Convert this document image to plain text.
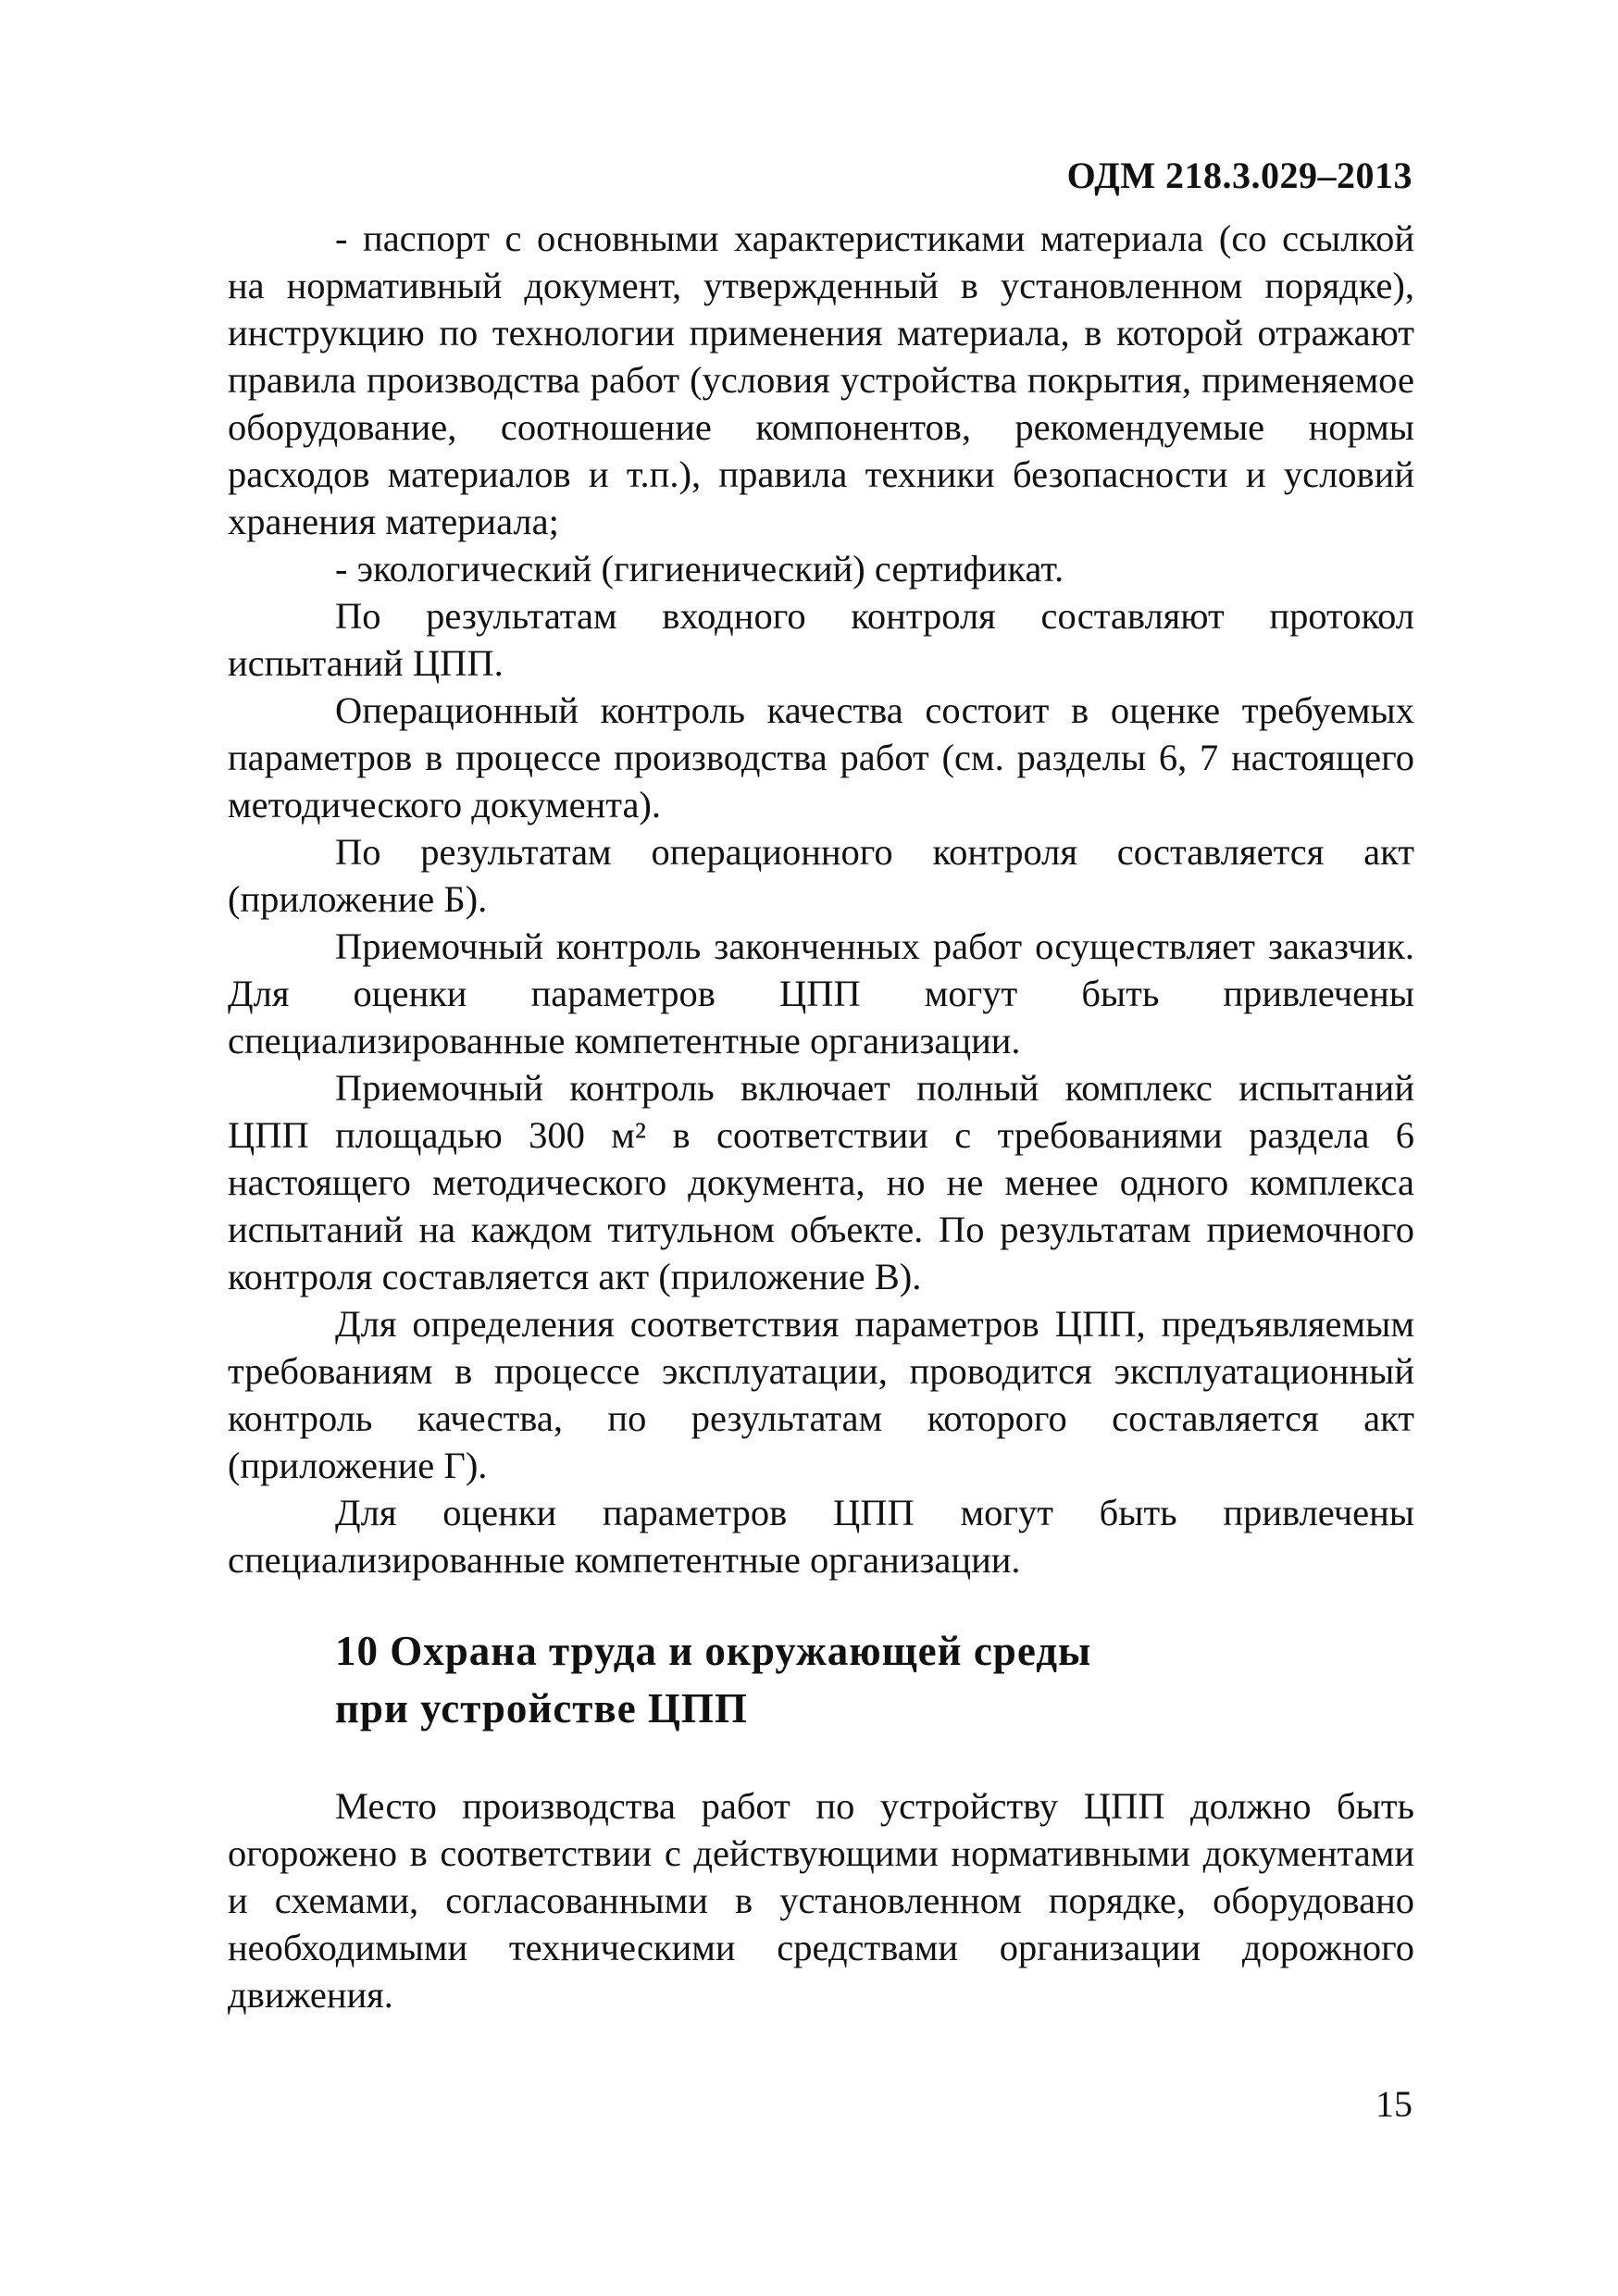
ОДМ 218.3.029–2013

- паспорт с основными характеристиками материала (со ссылкой на нормативный документ, утвержденный в установленном порядке), инструкцию по технологии применения материала, в которой отражают правила производства работ (условия устройства покрытия, применяемое оборудование, соотношение компонентов, рекомендуемые нормы расходов материалов и т.п.), правила техники безопасности и условий хранения материала;

- экологический (гигиенический) сертификат.

По результатам входного контроля составляют протокол испытаний ЦПП.

Операционный контроль качества состоит в оценке требуемых параметров в процессе производства работ (см. разделы 6, 7 настоящего методического документа).

По результатам операционного контроля составляется акт (приложение Б).

Приемочный контроль законченных работ осуществляет заказчик. Для оценки параметров ЦПП могут быть привлечены специализированные компетентные организации.

Приемочный контроль включает полный комплекс испытаний ЦПП площадью 300 м² в соответствии с требованиями раздела 6 настоящего методического документа, но не менее одного комплекса испытаний на каждом титульном объекте. По результатам приемочного контроля составляется акт (приложение В).

Для определения соответствия параметров ЦПП, предъявляемым требованиям в процессе эксплуатации, проводится эксплуатационный контроль качества, по результатам которого составляется акт (приложение Г).

Для оценки параметров ЦПП могут быть привлечены специализированные компетентные организации.

10 Охрана труда и окружающей среды
при устройстве ЦПП

Место производства работ по устройству ЦПП должно быть огорожено в соответствии с действующими нормативными документами и схемами, согласованными в установленном порядке, оборудовано необходимыми техническими средствами организации дорожного движения.

15
